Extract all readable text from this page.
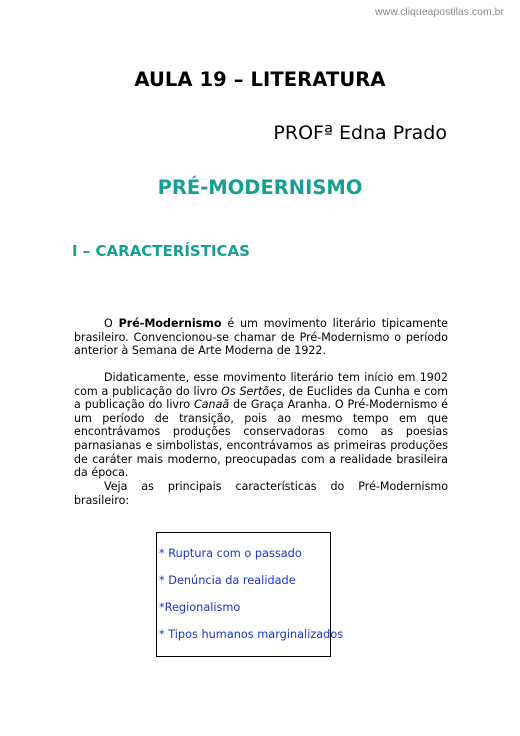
www.cliqueapostilas.com.br
AULA 19 – LITERATURA
PROFª Edna Prado
PRÉ-MODERNISMO
I – CARACTERÍSTICAS

O Pré-Modernismo é um movimento literário tipicamente brasileiro. Convencionou-se chamar de Pré-Modernismo o período anterior à Semana de Arte Moderna de 1922.

Didaticamente, esse movimento literário tem início em 1902 com a publicação do livro Os Sertões, de Euclides da Cunha e com a publicação do livro Canaã de Graça Aranha. O Pré-Modernismo é um período de transição, pois ao mesmo tempo em que encontrávamos produções conservadoras como as poesias parnasianas e simbolistas, encontrávamos as primeiras produções de caráter mais moderno, preocupadas com a realidade brasileira da época.

Veja as principais características do Pré-Modernismo brasileiro:

* Ruptura com o passado
* Denúncia da realidade
*Regionalismo
* Tipos humanos marginalizados
